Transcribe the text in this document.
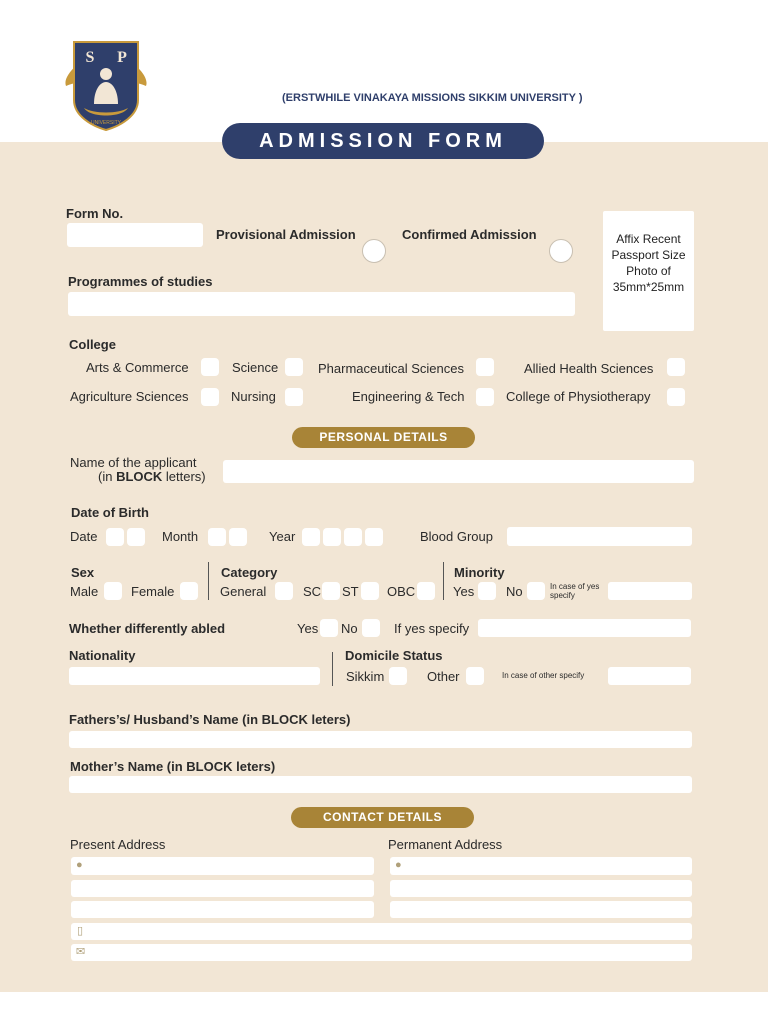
S P
UNIVERSITY
(ERSTWHILE VINAKAYA MISSIONS SIKKIM UNIVERSITY )
ADMISSION FORM
Form No.
Provisional Admission	Confirmed Admission	Affix Recent Passport Size Photo of 35mm*25mm
Programmes of studies
College
Arts & Commerce	Science	Pharmaceutical Sciences	Allied Health Sciences
Agriculture Sciences	Nursing	Engineering & Tech	College of Physiotherapy
PERSONAL DETAILS
Name of the applicant
(in BLOCK letters)
Date of Birth
Date	Month	Year	Blood Group
Sex
Male	Female
Category
General	SC ST OBC
Minority
Yes No	In case of yes specify
Whether differently abled	Yes No	If yes specify
Nationality	Domicile Status
Sikkim	Other	In case of other specify
Fathers’s/ Husband’s Name (in BLOCK leters)
Mother’s Name (in BLOCK leters)
CONTACT DETAILS
Present Address	Permanent Address
●	●
▯
✉
